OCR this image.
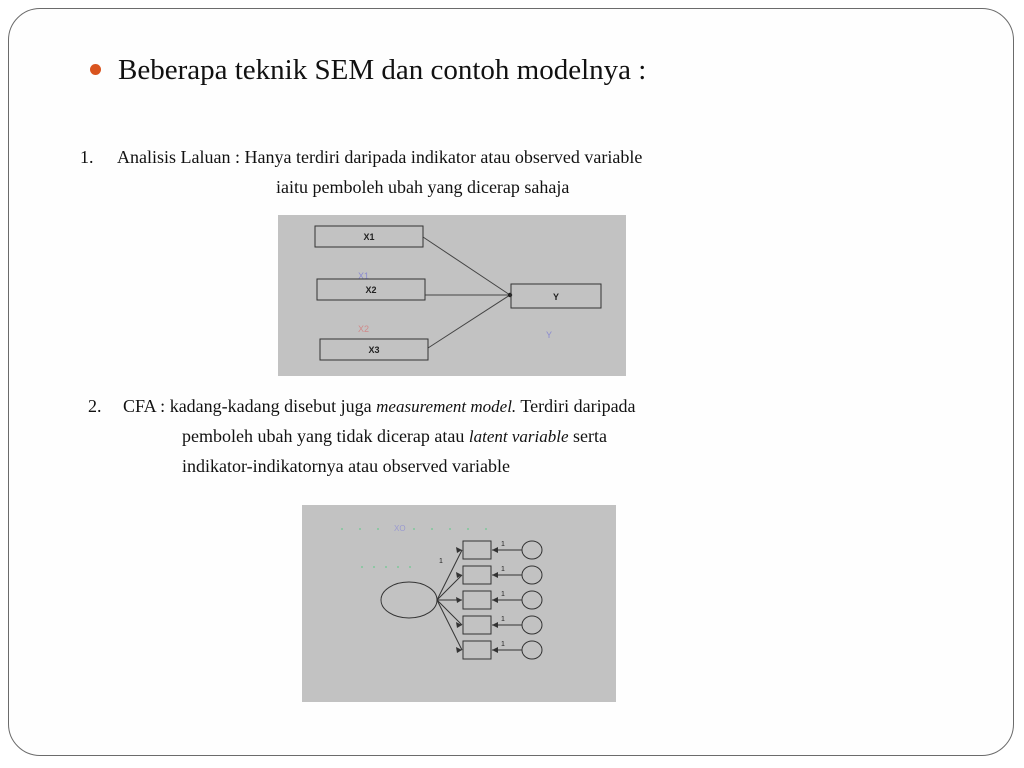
Beberapa teknik SEM dan contoh modelnya :
1. Analisis Laluan : Hanya terdiri daripada indikator atau observed variable
iaitu pemboleh ubah yang dicerap sahaja
X1
X2
Y
X1
X2
X3
Y
2. CFA : kadang-kadang disebut juga measurement model. Terdiri daripada
pemboleh ubah yang tidak dicerap atau latent variable serta
indikator-indikatornya atau observed variable
XO
1
1
1
1
1
1
